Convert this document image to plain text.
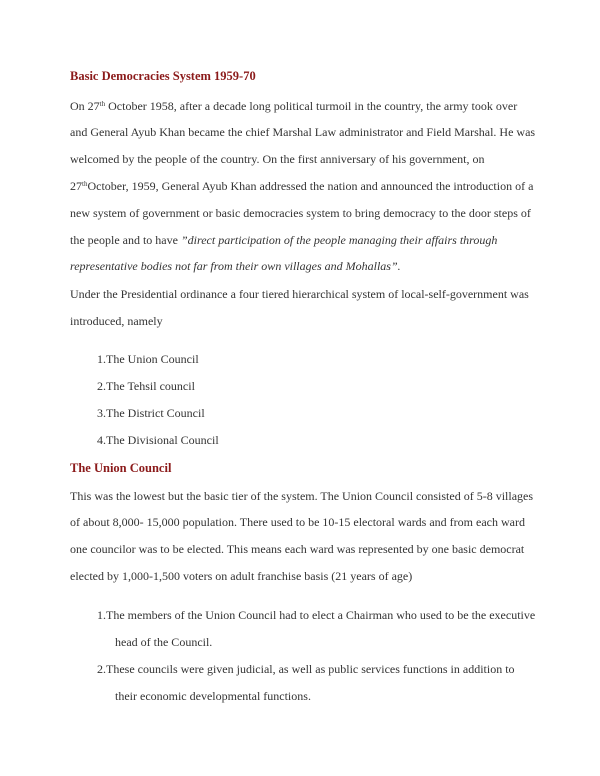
Basic Democracies System 1959-70
On 27th October 1958, after a decade long political turmoil in the country, the army took over
and General Ayub Khan became the chief Marshal Law administrator and Field Marshal. He was
welcomed by the people of the country. On the first anniversary of his government, on
27thOctober, 1959, General Ayub Khan addressed the nation and announced the introduction of a
new system of government or basic democracies system to bring democracy to the door steps of
the people and to have ”direct participation of the people managing their affairs through
representative bodies not far from their own villages and Mohallas”.
Under the Presidential ordinance a four tiered hierarchical system of local-self-government was
introduced, namely
1.The Union Council
2.The Tehsil council
3.The District Council
4.The Divisional Council
The Union Council
This was the lowest but the basic tier of the system. The Union Council consisted of 5-8 villages
of about 8,000- 15,000 population. There used to be 10-15 electoral wards and from each ward
one councilor was to be elected. This means each ward was represented by one basic democrat
elected by 1,000-1,500 voters on adult franchise basis (21 years of age)
1.The members of the Union Council had to elect a Chairman who used to be the executive
head of the Council.
2.These councils were given judicial, as well as public services functions in addition to
their economic developmental functions.
